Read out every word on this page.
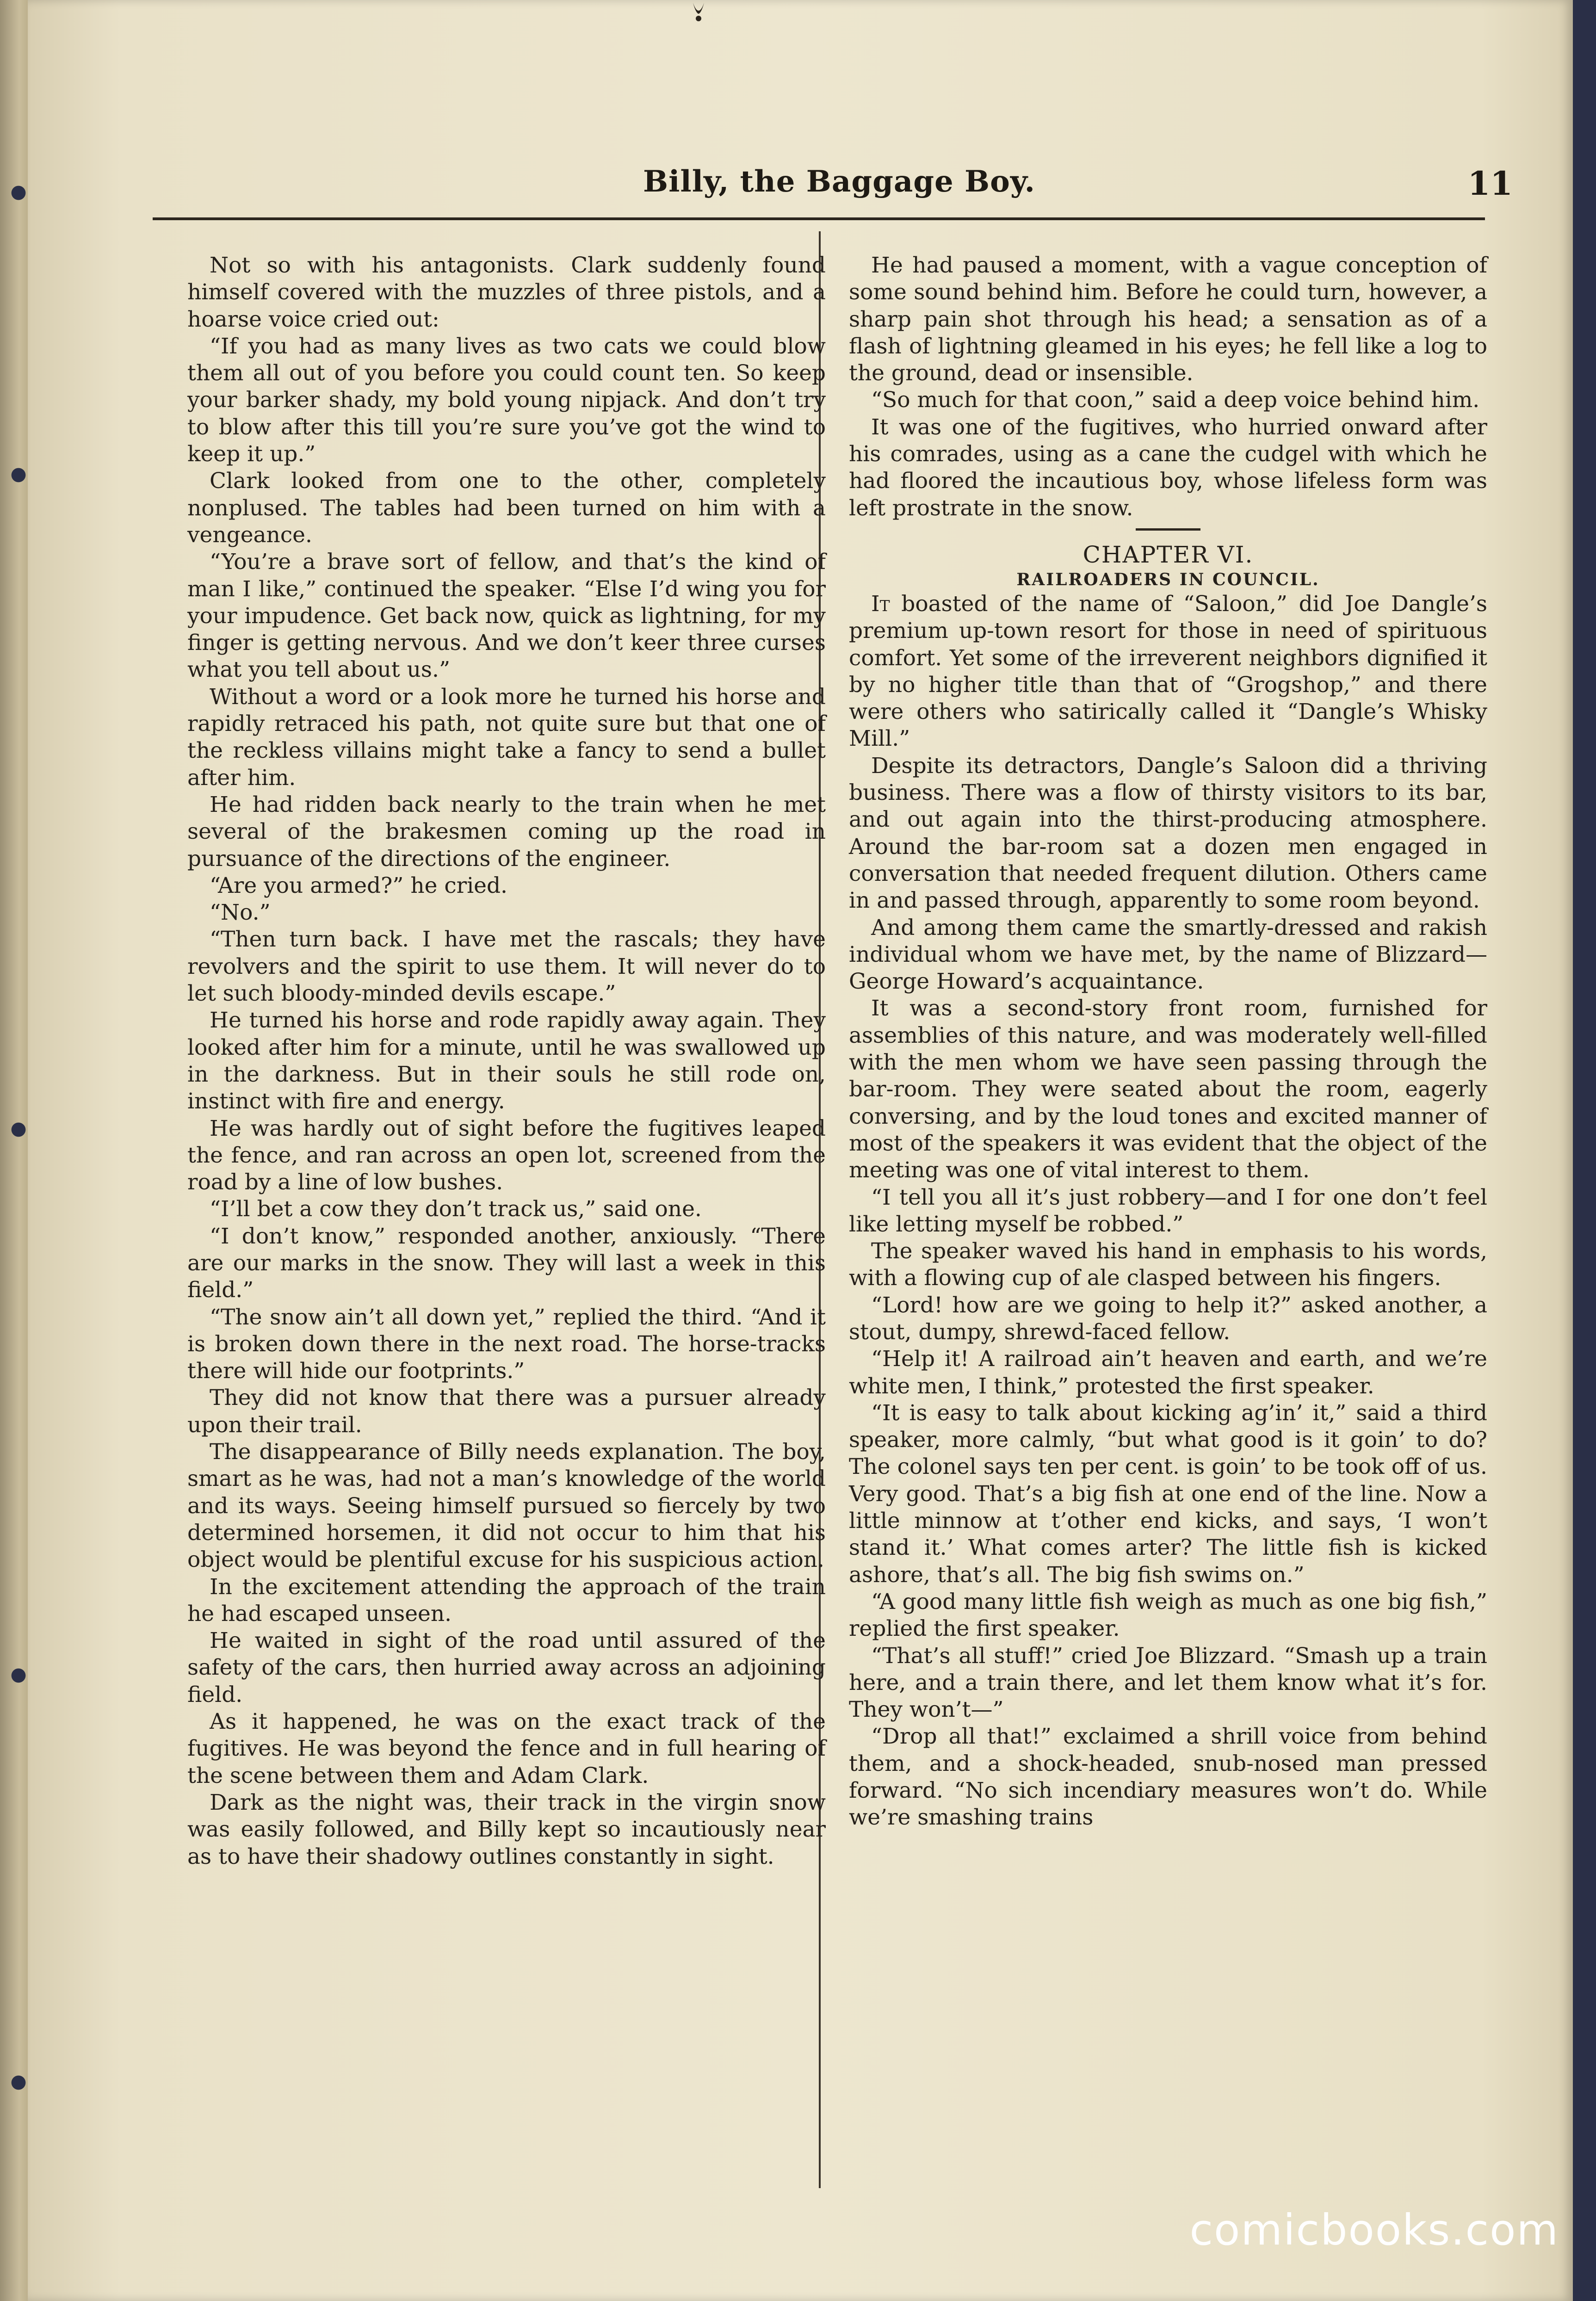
Billy, the Baggage Boy.	11

Not so with his antagonists. Clark suddenly found himself covered with the muzzles of three pistols, and a hoarse voice cried out:

“If you had as many lives as two cats we could blow them all out of you before you could count ten. So keep your barker shady, my bold young nipjack. And don’t try to blow after this till you’re sure you’ve got the wind to keep it up.”

Clark looked from one to the other, completely nonplused. The tables had been turned on him with a vengeance.

“You’re a brave sort of fellow, and that’s the kind of man I like,” continued the speaker. “Else I’d wing you for your impudence. Get back now, quick as lightning, for my finger is getting nervous. And we don’t keer three curses what you tell about us.”

Without a word or a look more he turned his horse and rapidly retraced his path, not quite sure but that one of the reckless villains might take a fancy to send a bullet after him.

He had ridden back nearly to the train when he met several of the brakesmen coming up the road in pursuance of the directions of the engineer.

“Are you armed?” he cried.

“No.”

“Then turn back. I have met the rascals; they have revolvers and the spirit to use them. It will never do to let such bloody-minded devils escape.”

He turned his horse and rode rapidly away again. They looked after him for a minute, until he was swallowed up in the darkness. But in their souls he still rode on, instinct with fire and energy.

He was hardly out of sight before the fugitives leaped the fence, and ran across an open lot, screened from the road by a line of low bushes.

“I’ll bet a cow they don’t track us,” said one.

“I don’t know,” responded another, anxiously. “There are our marks in the snow. They will last a week in this field.”

“The snow ain’t all down yet,” replied the third. “And it is broken down there in the next road. The horse-tracks there will hide our footprints.”

They did not know that there was a pursuer already upon their trail.

The disappearance of Billy needs explanation. The boy, smart as he was, had not a man’s knowledge of the world and its ways. Seeing himself pursued so fiercely by two determined horsemen, it did not occur to him that his object would be plentiful excuse for his suspicious action.

In the excitement attending the approach of the train he had escaped unseen.

He waited in sight of the road until assured of the safety of the cars, then hurried away across an adjoining field.

As it happened, he was on the exact track of the fugitives. He was beyond the fence and in full hearing of the scene between them and Adam Clark.

Dark as the night was, their track in the virgin snow was easily followed, and Billy kept so incautiously near as to have their shadowy outlines constantly in sight.

He had paused a moment, with a vague conception of some sound behind him. Before he could turn, however, a sharp pain shot through his head; a sensation as of a flash of lightning gleamed in his eyes; he fell like a log to the ground, dead or insensible.

“So much for that coon,” said a deep voice behind him.

It was one of the fugitives, who hurried onward after his comrades, using as a cane the cudgel with which he had floored the incautious boy, whose lifeless form was left prostrate in the snow.

CHAPTER VI.

RAILROADERS IN COUNCIL.

It boasted of the name of “Saloon,” did Joe Dangle’s premium up-town resort for those in need of spirituous comfort. Yet some of the irreverent neighbors dignified it by no higher title than that of “Grogshop,” and there were others who satirically called it “Dangle’s Whisky Mill.”

Despite its detractors, Dangle’s Saloon did a thriving business. There was a flow of thirsty visitors to its bar, and out again into the thirst-producing atmosphere. Around the bar-room sat a dozen men engaged in conversation that needed frequent dilution. Others came in and passed through, apparently to some room beyond.

And among them came the smartly-dressed and rakish individual whom we have met, by the name of Blizzard—George Howard’s acquaintance.

It was a second-story front room, furnished for assemblies of this nature, and was moderately well-filled with the men whom we have seen passing through the bar-room. They were seated about the room, eagerly conversing, and by the loud tones and excited manner of most of the speakers it was evident that the object of the meeting was one of vital interest to them.

“I tell you all it’s just robbery—and I for one don’t feel like letting myself be robbed.”

The speaker waved his hand in emphasis to his words, with a flowing cup of ale clasped between his fingers.

“Lord! how are we going to help it?” asked another, a stout, dumpy, shrewd-faced fellow.

“Help it! A railroad ain’t heaven and earth, and we’re white men, I think,” protested the first speaker.

“It is easy to talk about kicking ag’in’ it,” said a third speaker, more calmly, “but what good is it goin’ to do? The colonel says ten per cent. is goin’ to be took off of us. Very good. That’s a big fish at one end of the line. Now a little minnow at t’other end kicks, and says, ‘I won’t stand it.’ What comes arter? The little fish is kicked ashore, that’s all. The big fish swims on.”

“A good many little fish weigh as much as one big fish,” replied the first speaker.

“That’s all stuff!” cried Joe Blizzard. “Smash up a train here, and a train there, and let them know what it’s for. They won’t—”

“Drop all that!” exclaimed a shrill voice from behind them, and a shock-headed, snub-nosed man pressed forward. “No sich incendiary measures won’t do. While we’re smashing trains

comicbooks.com
